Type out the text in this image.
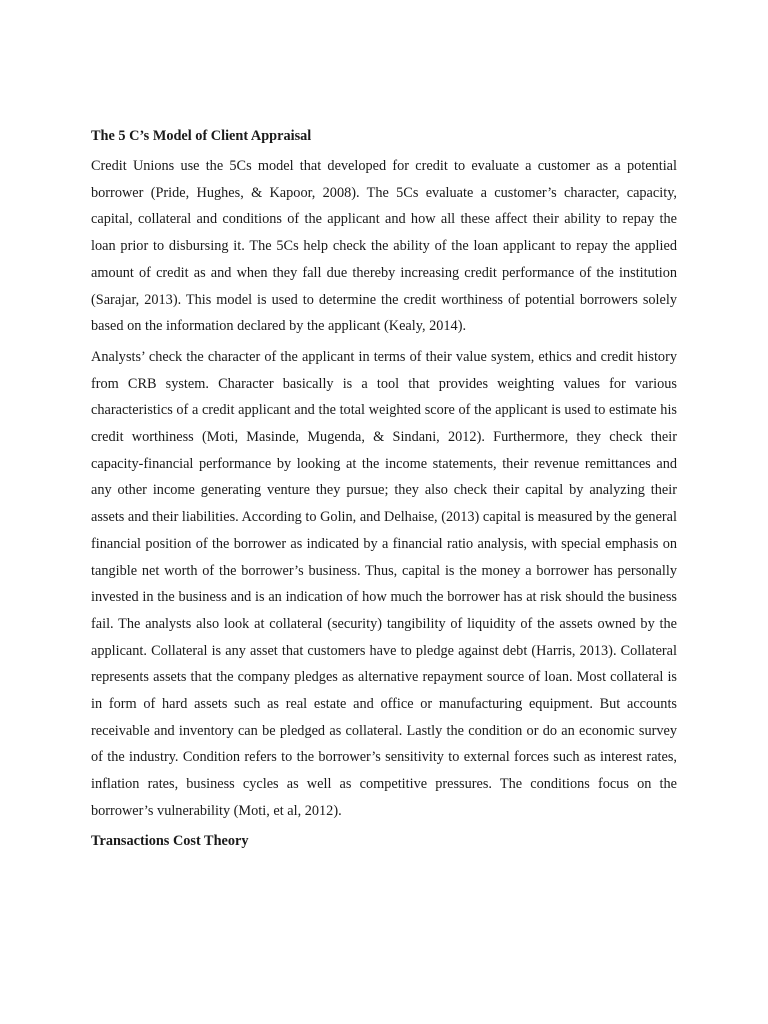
The 5 C’s Model of Client Appraisal

Credit Unions use the 5Cs model that developed for credit to evaluate a customer as a potential borrower (Pride, Hughes, & Kapoor, 2008). The 5Cs evaluate a customer’s character, capacity, capital, collateral and conditions of the applicant and how all these affect their ability to repay the loan prior to disbursing it. The 5Cs help check the ability of the loan applicant to repay the applied amount of credit as and when they fall due thereby increasing credit performance of the institution (Sarajar, 2013). This model is used to determine the credit worthiness of potential borrowers solely based on the information declared by the applicant (Kealy, 2014).

Analysts’ check the character of the applicant in terms of their value system, ethics and credit history from CRB system. Character basically is a tool that provides weighting values for various characteristics of a credit applicant and the total weighted score of the applicant is used to estimate his credit worthiness (Moti, Masinde, Mugenda, & Sindani, 2012). Furthermore, they check their capacity-financial performance by looking at the income statements, their revenue remittances and any other income generating venture they pursue; they also check their capital by analyzing their assets and their liabilities. According to Golin, and Delhaise, (2013) capital is measured by the general financial position of the borrower as indicated by a financial ratio analysis, with special emphasis on tangible net worth of the borrower’s business. Thus, capital is the money a borrower has personally invested in the business and is an indication of how much the borrower has at risk should the business fail. The analysts also look at collateral (security) tangibility of liquidity of the assets owned by the applicant. Collateral is any asset that customers have to pledge against debt (Harris, 2013). Collateral represents assets that the company pledges as alternative repayment source of loan. Most collateral is in form of hard assets such as real estate and office or manufacturing equipment. But accounts receivable and inventory can be pledged as collateral. Lastly the condition or do an economic survey of the industry. Condition refers to the borrower’s sensitivity to external forces such as interest rates, inflation rates, business cycles as well as competitive pressures. The conditions focus on the borrower’s vulnerability (Moti, et al, 2012).

Transactions Cost Theory
